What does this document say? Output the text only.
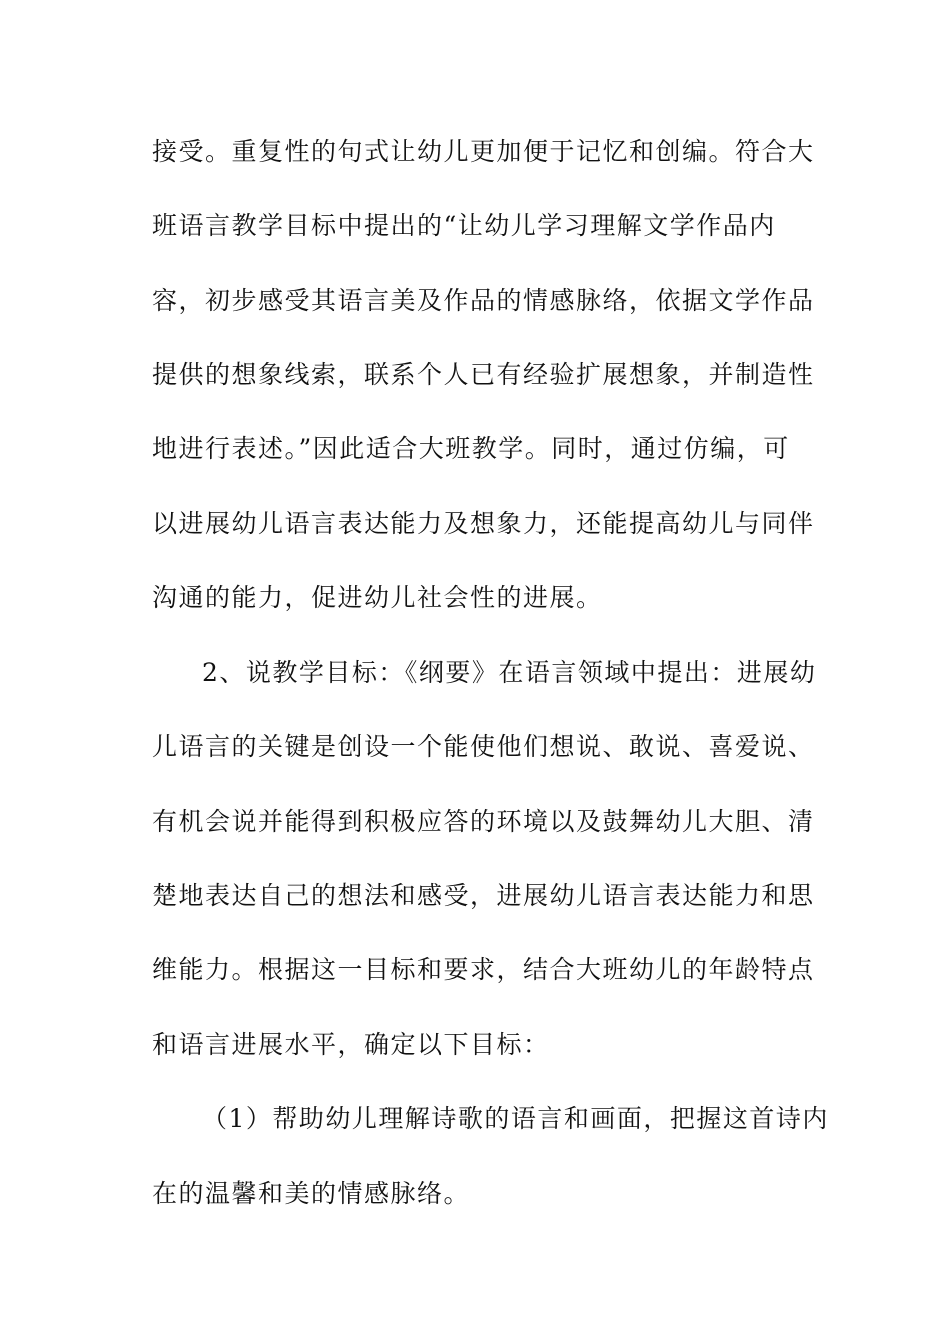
接受。重复性的句式让幼儿更加便于记忆和创编。符合大
班语言教学目标中提出的“让幼儿学习理解文学作品内
容，初步感受其语言美及作品的情感脉络，依据文学作品
提供的想象线索，联系个人已有经验扩展想象，并制造性
地进行表述。”因此适合大班教学。同时，通过仿编，可
以进展幼儿语言表达能力及想象力，还能提高幼儿与同伴
沟通的能力，促进幼儿社会性的进展。
2、说教学目标：《纲要》在语言领域中提出：进展幼
儿语言的关键是创设一个能使他们想说、敢说、喜爱说、
有机会说并能得到积极应答的环境以及鼓舞幼儿大胆、清
楚地表达自己的想法和感受，进展幼儿语言表达能力和思
维能力。根据这一目标和要求，结合大班幼儿的年龄特点
和语言进展水平，确定以下目标：
（1）帮助幼儿理解诗歌的语言和画面，把握这首诗内
在的温馨和美的情感脉络。
